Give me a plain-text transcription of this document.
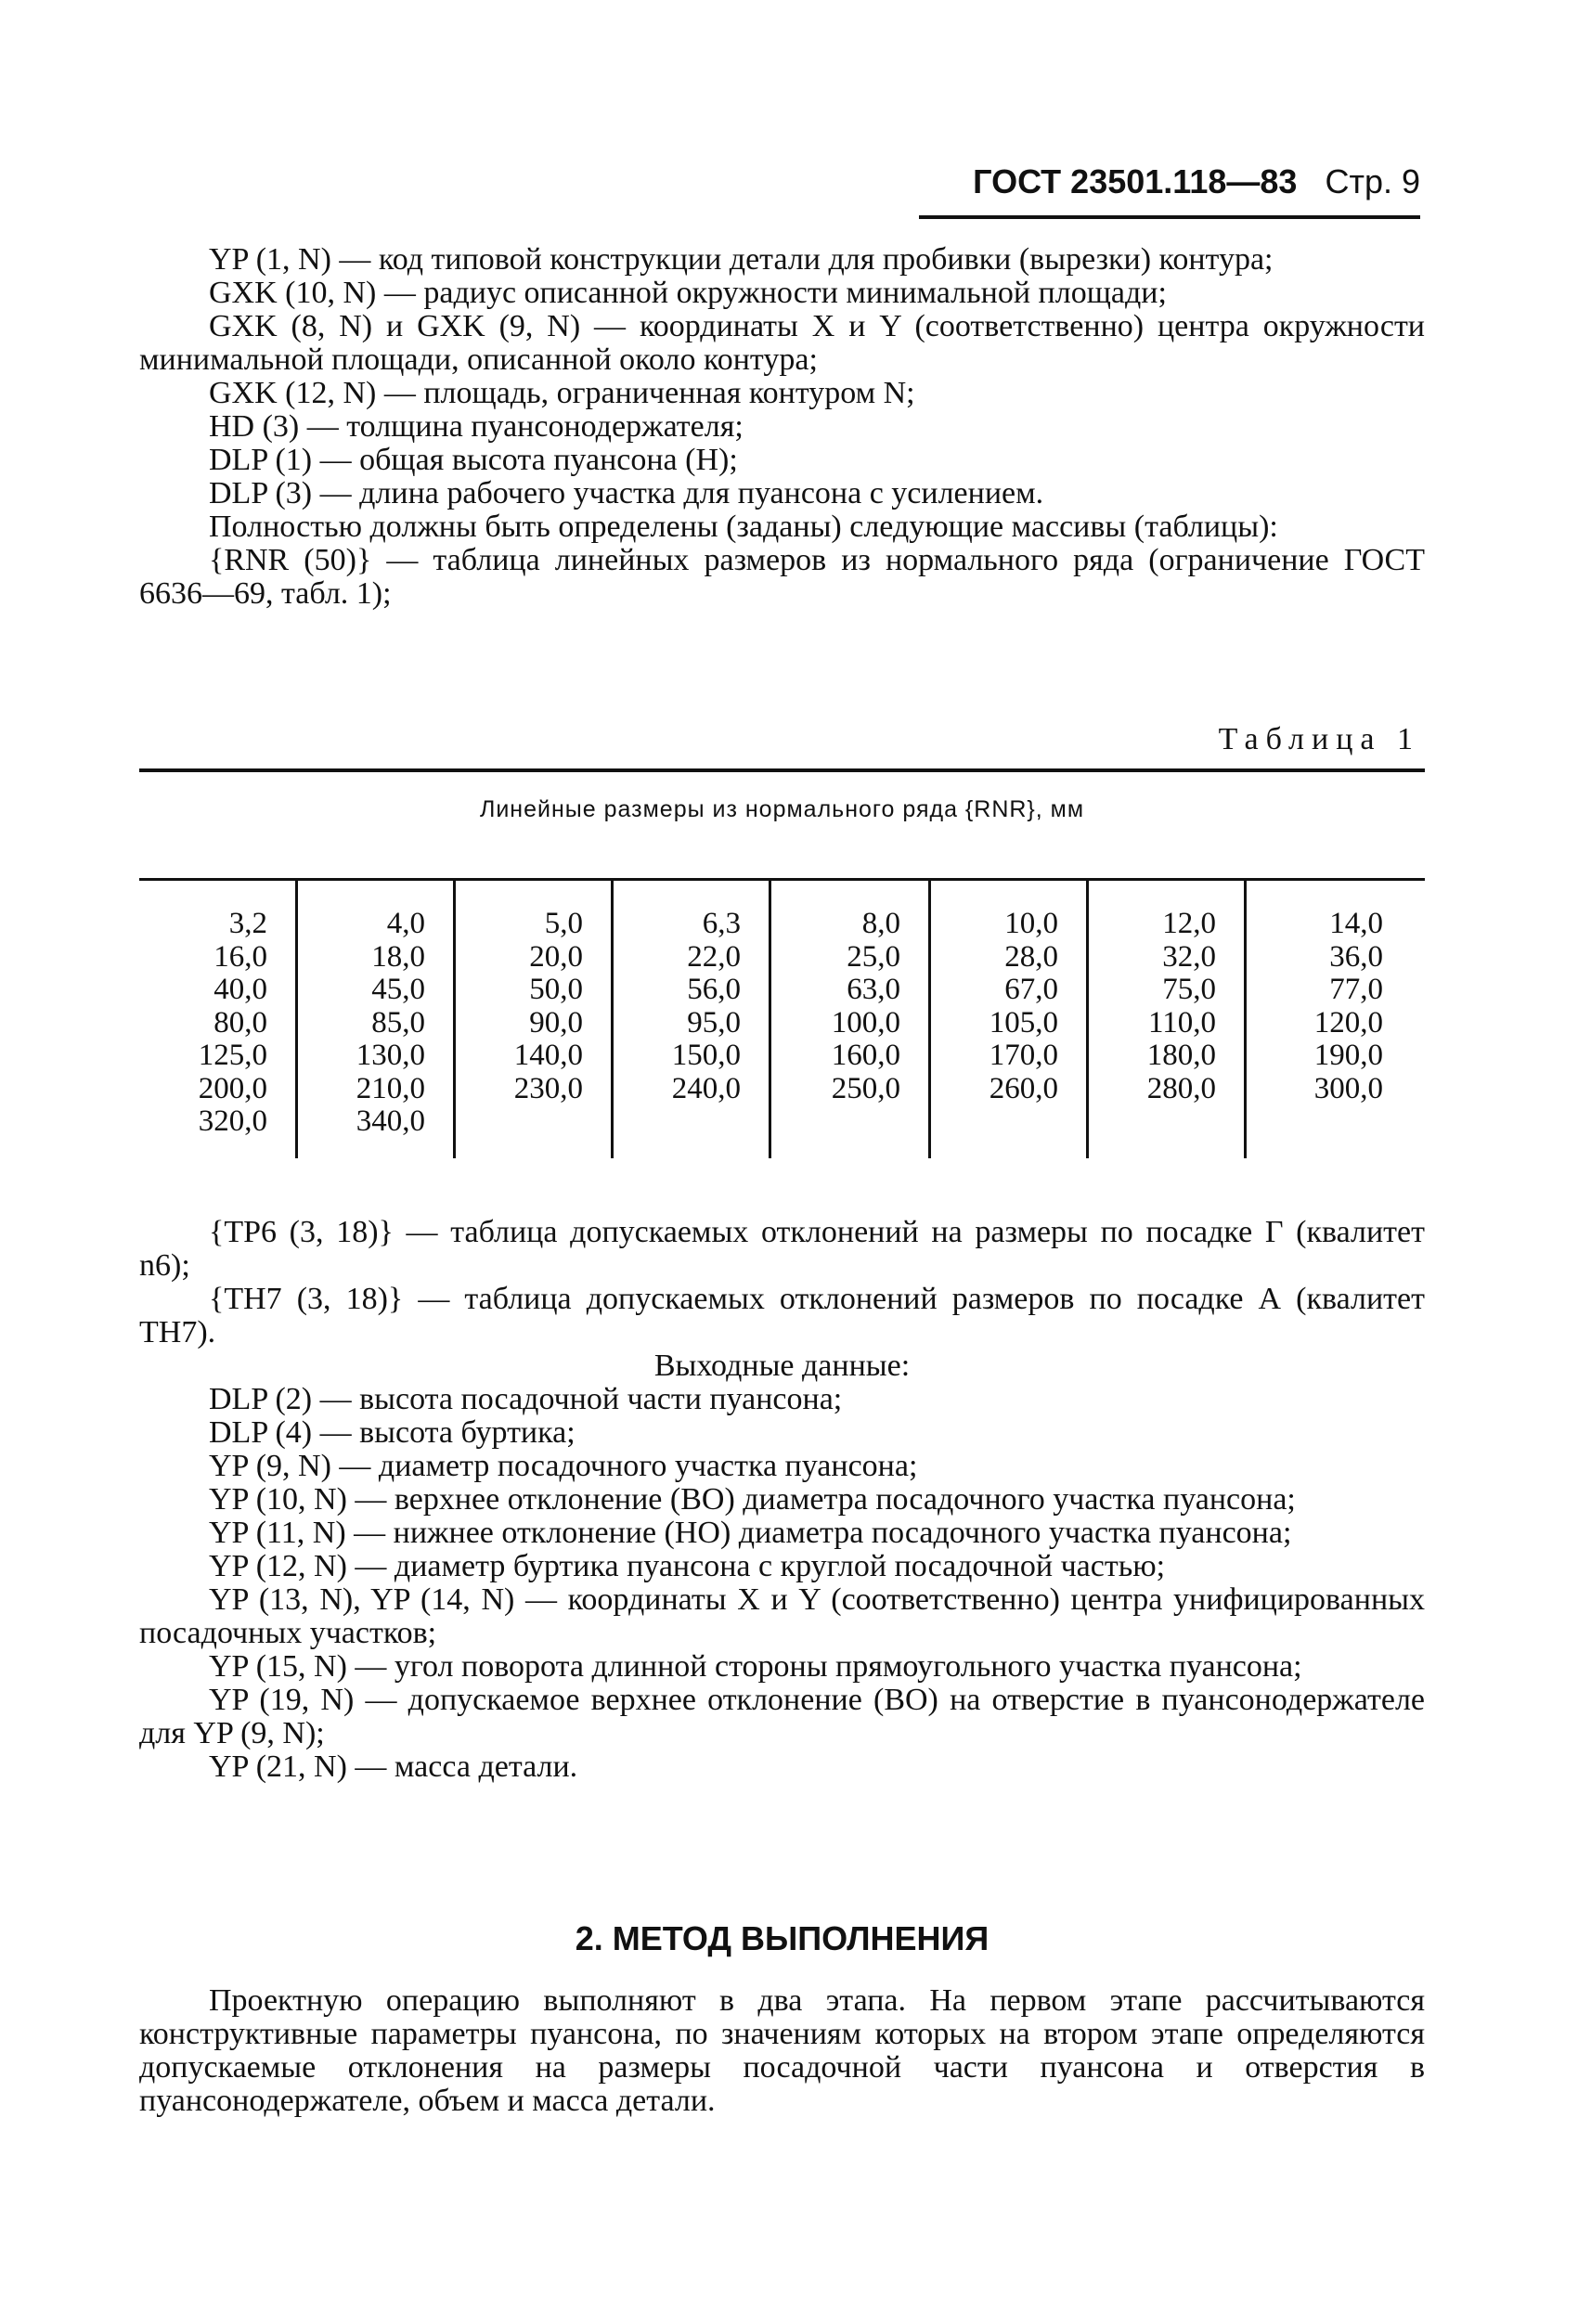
ГОСТ 23501.118—83 Стр. 9

YP (1, N) — код типовой конструкции детали для пробивки (вырезки) контура;

GXK (10, N) — радиус описанной окружности минимальной площади;

GXK (8, N) и GXK (9, N) — координаты X и Y (соответственно) центра окружности минимальной площади, описанной около контура;

GXK (12, N) — площадь, ограниченная контуром N;

HD (3) — толщина пуансонодержателя;

DLP (1) — общая высота пуансона (H);

DLP (3) — длина рабочего участка для пуансона с усилением.

Полностью должны быть определены (заданы) следующие массивы (таблицы):

{RNR (50)} — таблица линейных размеров из нормального ряда (ограничение ГОСТ 6636—69, табл. 1);

Таблица 1
Линейные размеры из нормального ряда {RNR}, мм
3,2
16,0
40,0
80,0
125,0
200,0
320,0
4,0
18,0
45,0
85,0
130,0
210,0
340,0
5,0
20,0
50,0
90,0
140,0
230,0
6,3
22,0
56,0
95,0
150,0
240,0
8,0
25,0
63,0
100,0
160,0
250,0
10,0
28,0
67,0
105,0
170,0
260,0
12,0
32,0
75,0
110,0
180,0
280,0
14,0
36,0
77,0
120,0
190,0
300,0

{TP6 (3, 18)} — таблица допускаемых отклонений на размеры по посадке Г (квалитет n6);

{TH7 (3, 18)} — таблица допускаемых отклонений размеров по посадке А (квалитет TH7).

Выходные данные:

DLP (2) — высота посадочной части пуансона;

DLP (4) — высота буртика;

YP (9, N) — диаметр посадочного участка пуансона;

YP (10, N) — верхнее отклонение (ВО) диаметра посадочного участка пуансона;

YP (11, N) — нижнее отклонение (НО) диаметра посадочного участка пуансона;

YP (12, N) — диаметр буртика пуансона с круглой посадочной частью;

YP (13, N), YP (14, N) — координаты X и Y (соответственно) центра унифицированных посадочных участков;

YP (15, N) — угол поворота длинной стороны прямоугольного участка пуансона;

YP (19, N) — допускаемое верхнее отклонение (ВО) на отверстие в пуансонодержателе для YP (9, N);

YP (21, N) — масса детали.

2. МЕТОД ВЫПОЛНЕНИЯ

Проектную операцию выполняют в два этапа. На первом этапе рассчитываются конструктивные параметры пуансона, по значениям которых на втором этапе определяются допускаемые отклонения на размеры посадочной части пуансона и отверстия в пуансонодержателе, объем и масса детали.
